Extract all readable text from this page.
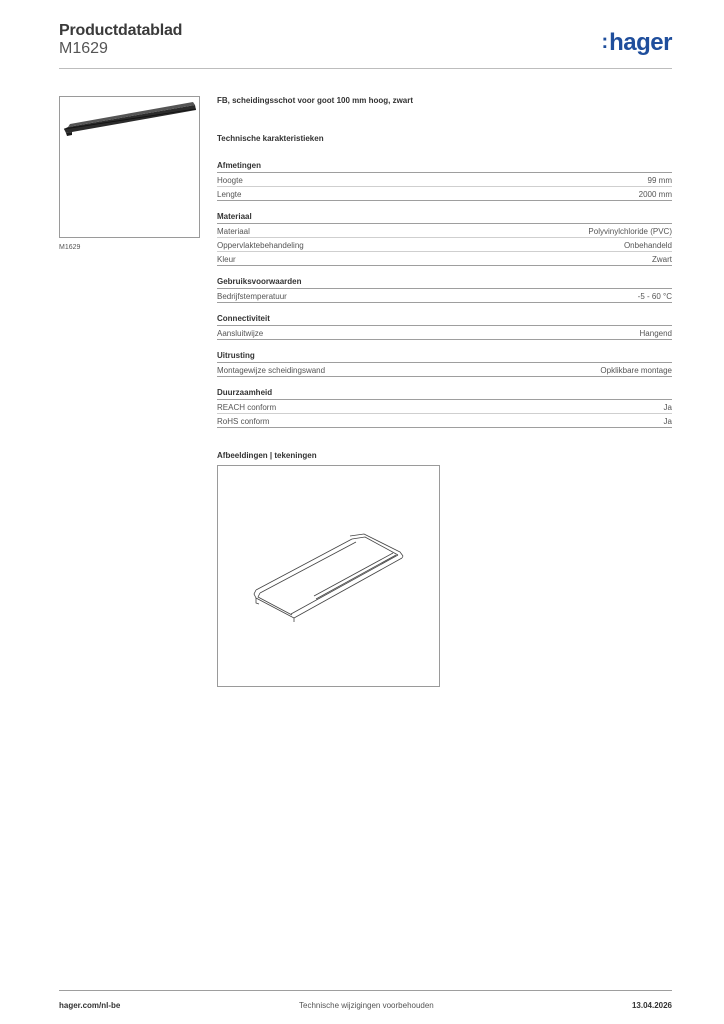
Productdatablad
M1629	:hager
M1629
FB, scheidingsschot voor goot 100 mm hoog, zwart
Technische karakteristieken
Afmetingen
Hoogte	99 mm
Lengte	2000 mm
Materiaal
Materiaal	Polyvinylchloride (PVC)
Oppervlaktebehandeling	Onbehandeld
Kleur	Zwart
Gebruiksvoorwaarden
Bedrijfstemperatuur	-5 - 60 °C
Connectiviteit
Aansluitwijze	Hangend
Uitrusting
Montagewijze scheidingswand	Opklikbare montage
Duurzaamheid
REACH conform	Ja
RoHS conform	Ja
Afbeeldingen | tekeningen
hager.com/nl-be	Technische wijzigingen voorbehouden	13.04.2026
